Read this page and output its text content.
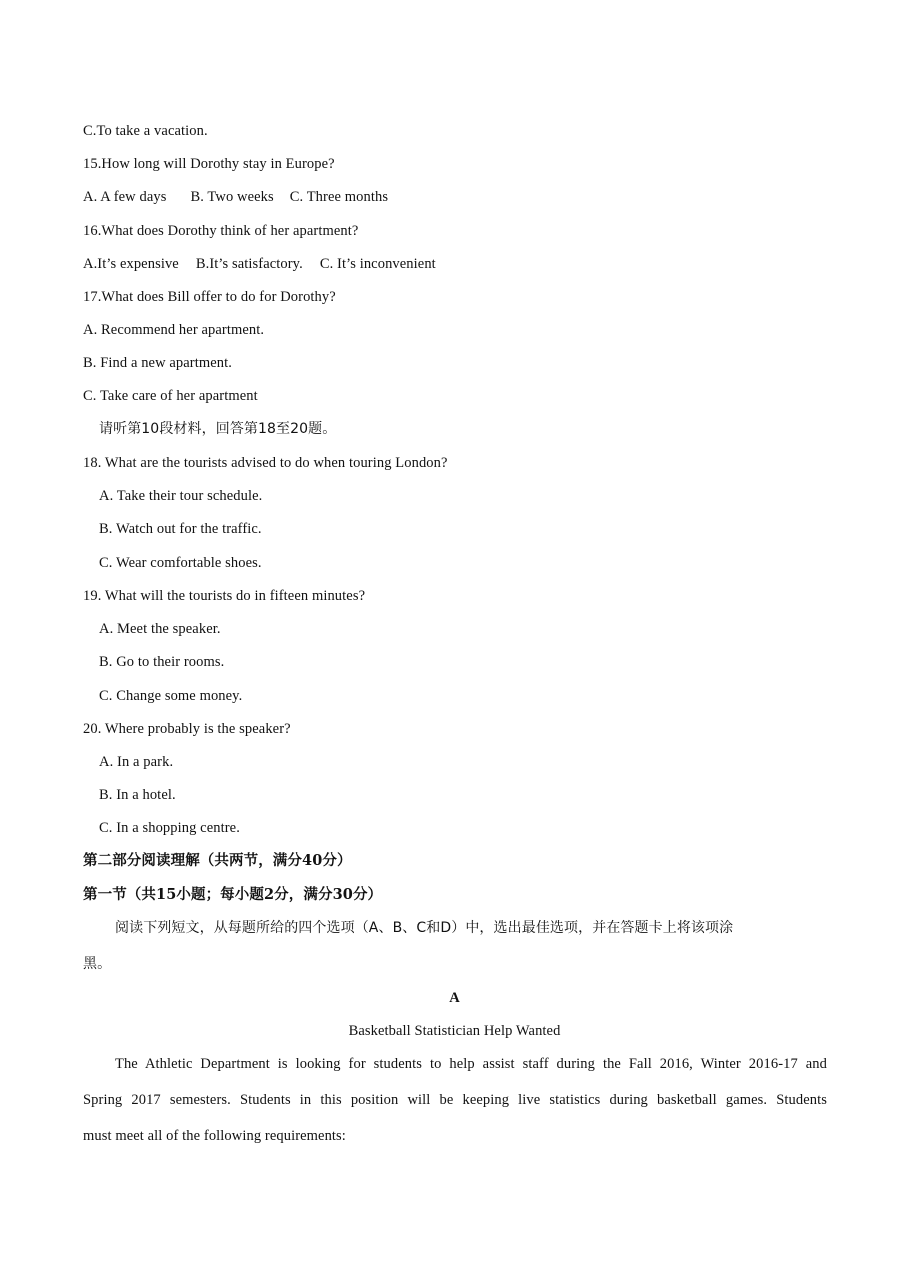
C.To take a vacation.
15.How long will Dorothy stay in Europe?
A. A few days B. Two weeks C. Three months
16.What does Dorothy think of her apartment?
A.It’s expensive B.It’s satisfactory. C. It’s inconvenient
17.What does Bill offer to do for Dorothy?
A. Recommend her apartment.
B. Find a new apartment.
C. Take care of her apartment
请听第10段材料，回答第18至20题。
18. What are the tourists advised to do when touring London?
A. Take their tour schedule.
B. Watch out for the traffic.
C. Wear comfortable shoes.
19. What will the tourists do in fifteen minutes?
A. Meet the speaker.
B. Go to their rooms.
C. Change some money.
20. Where probably is the speaker?
A. In a park.
B. In a hotel.
C. In a shopping centre.
第二部分阅读理解（共两节，满分40分）
第一节（共15小题；每小题2分，满分30分）
阅读下列短文，从每题所给的四个选项（A、B、C和D）中，选出最佳选项，并在答题卡上将该项涂
黑。
A
Basketball Statistician Help Wanted
The Athletic Department is looking for students to help assist staff during the Fall 2016, Winter 2016-17 and
Spring 2017 semesters. Students in this position will be keeping live statistics during basketball games. Students
must meet all of the following requirements:
